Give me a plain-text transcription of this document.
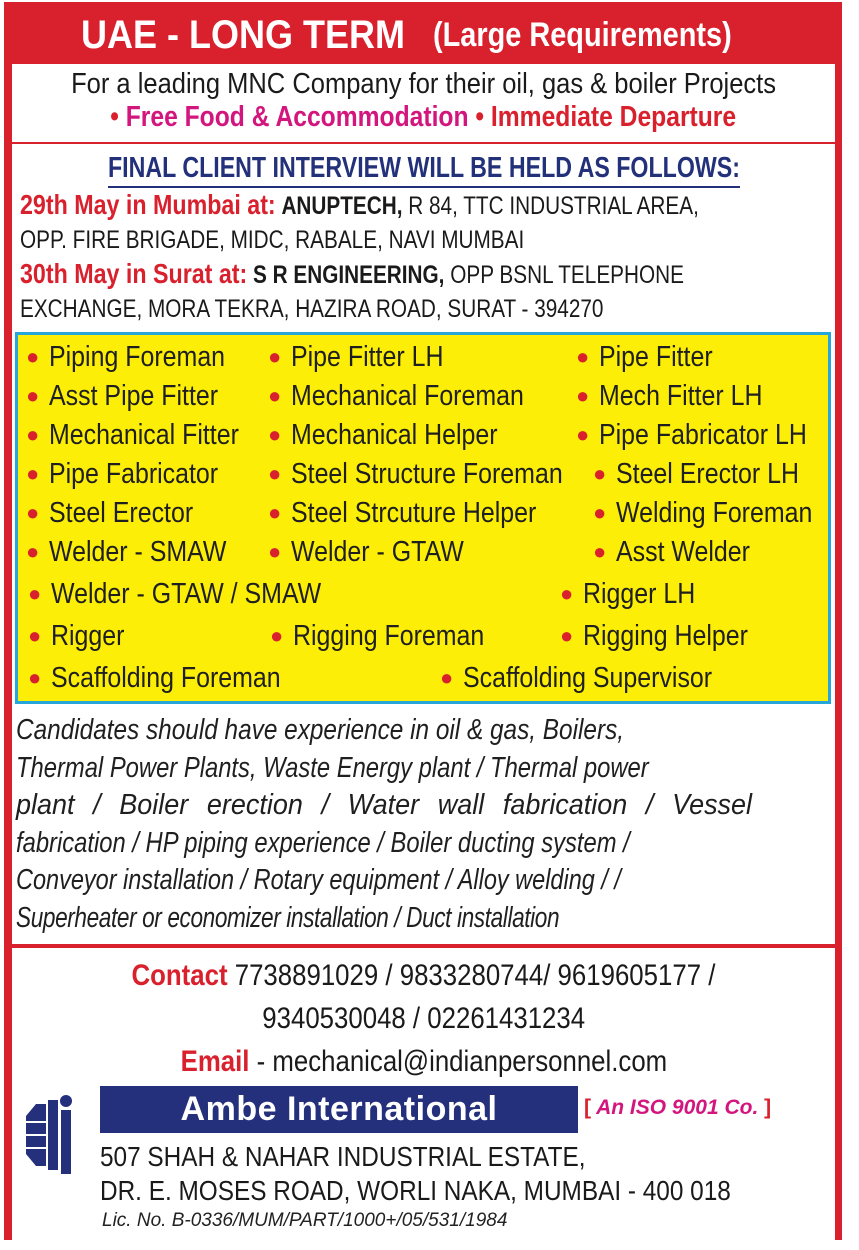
UAE - LONG TERM (Large Requirements)
For a leading MNC Company for their oil, gas & boiler Projects
• Free Food & Accommodation • Immediate Departure
FINAL CLIENT INTERVIEW WILL BE HELD AS FOLLOWS:
29th May in Mumbai at: ANUPTECH, R 84, TTC INDUSTRIAL AREA,
OPP. FIRE BRIGADE, MIDC, RABALE, NAVI MUMBAI
30th May in Surat at: S R ENGINEERING, OPP BSNL TELEPHONE
EXCHANGE, MORA TEKRA, HAZIRA ROAD, SURAT - 394270
● Piping Foreman	● Pipe Fitter LH	● Pipe Fitter
● Asst Pipe Fitter	● Mechanical Foreman	● Mech Fitter LH
● Mechanical Fitter	● Mechanical Helper	● Pipe Fabricator LH
● Pipe Fabricator	● Steel Structure Foreman	● Steel Erector LH
● Steel Erector	● Steel Strcuture Helper	● Welding Foreman
● Welder - SMAW	● Welder - GTAW	● Asst Welder
● Welder - GTAW / SMAW	● Rigger LH
● Rigger	● Rigging Foreman	● Rigging Helper
● Scaffolding Foreman	● Scaffolding Supervisor
Candidates should have experience in oil & gas, Boilers,
Thermal Power Plants, Waste Energy plant / Thermal power
plant / Boiler erection / Water wall fabrication / Vessel
fabrication / HP piping experience / Boiler ducting system /
Conveyor installation / Rotary equipment / Alloy welding / /
Superheater or economizer installation / Duct installation
Contact 7738891029 / 9833280744/ 9619605177 /
9340530048 / 02261431234
Email - mechanical@indianpersonnel.com
Ambe International	[ An ISO 9001 Co. ]
507 SHAH & NAHAR INDUSTRIAL ESTATE,
DR. E. MOSES ROAD, WORLI NAKA, MUMBAI - 400 018
Lic. No. B-0336/MUM/PART/1000+/05/531/1984
